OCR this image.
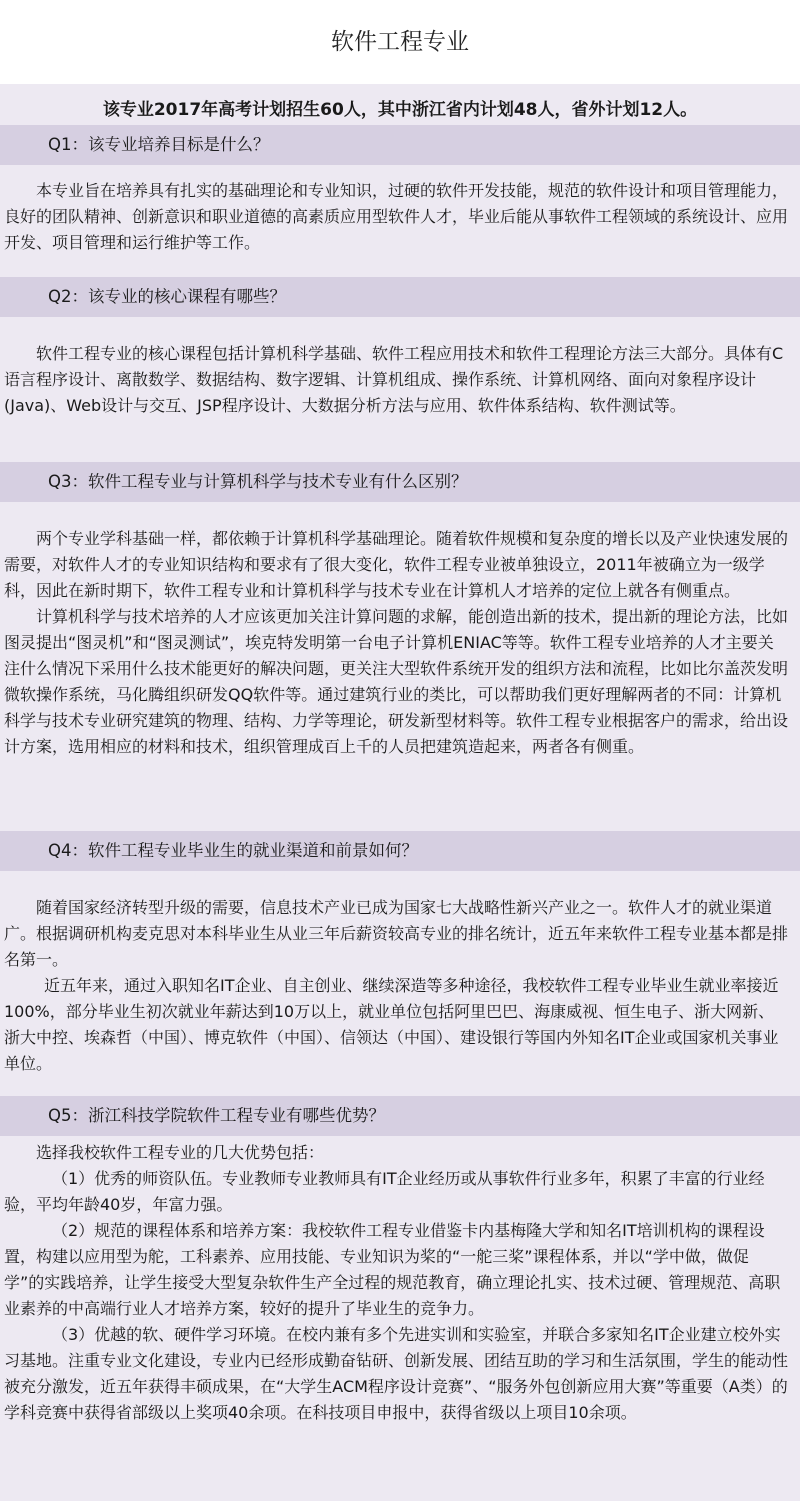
软件工程专业
该专业2017年高考计划招生60人，其中浙江省内计划48人，省外计划12人。
Q1：该专业培养目标是什么？

本专业旨在培养具有扎实的基础理论和专业知识，过硬的软件开发技能，规范的软件设计和项目管理能力，良好的团队精神、创新意识和职业道德的高素质应用型软件人才，毕业后能从事软件工程领域的系统设计、应用开发、项目管理和运行维护等工作。

Q2：该专业的核心课程有哪些？

软件工程专业的核心课程包括计算机科学基础、软件工程应用技术和软件工程理论方法三大部分。具体有C语言程序设计、离散数学、数据结构、数字逻辑、计算机组成、操作系统、计算机网络、面向对象程序设计(Java)、Web设计与交互、JSP程序设计、大数据分析方法与应用、软件体系结构、软件测试等。

Q3：软件工程专业与计算机科学与技术专业有什么区别？

两个专业学科基础一样，都依赖于计算机科学基础理论。随着软件规模和复杂度的增长以及产业快速发展的需要，对软件人才的专业知识结构和要求有了很大变化，软件工程专业被单独设立，2011年被确立为一级学科，因此在新时期下，软件工程专业和计算机科学与技术专业在计算机人才培养的定位上就各有侧重点。

计算机科学与技术培养的人才应该更加关注计算问题的求解，能创造出新的技术，提出新的理论方法，比如图灵提出“图灵机”和“图灵测试”，埃克特发明第一台电子计算机ENIAC等等。软件工程专业培养的人才主要关注什么情况下采用什么技术能更好的解决问题，更关注大型软件系统开发的组织方法和流程，比如比尔盖茨发明微软操作系统，马化腾组织研发QQ软件等。通过建筑行业的类比，可以帮助我们更好理解两者的不同：计算机科学与技术专业研究建筑的物理、结构、力学等理论，研发新型材料等。软件工程专业根据客户的需求，给出设计方案，选用相应的材料和技术，组织管理成百上千的人员把建筑造起来，两者各有侧重。

Q4：软件工程专业毕业生的就业渠道和前景如何？

随着国家经济转型升级的需要，信息技术产业已成为国家七大战略性新兴产业之一。软件人才的就业渠道广。根据调研机构麦克思对本科毕业生从业三年后薪资较高专业的排名统计，近五年来软件工程专业基本都是排名第一。

近五年来，通过入职知名IT企业、自主创业、继续深造等多种途径，我校软件工程专业毕业生就业率接近100%，部分毕业生初次就业年薪达到10万以上，就业单位包括阿里巴巴、海康威视、恒生电子、浙大网新、浙大中控、埃森哲（中国）、博克软件（中国）、信领达（中国）、建设银行等国内外知名IT企业或国家机关事业单位。

Q5：浙江科技学院软件工程专业有哪些优势？

选择我校软件工程专业的几大优势包括：

（1）优秀的师资队伍。专业教师专业教师具有IT企业经历或从事软件行业多年，积累了丰富的行业经验，平均年龄40岁，年富力强。

（2）规范的课程体系和培养方案：我校软件工程专业借鉴卡内基梅隆大学和知名IT培训机构的课程设置，构建以应用型为舵，工科素养、应用技能、专业知识为桨的“一舵三桨”课程体系，并以“学中做，做促学”的实践培养，让学生接受大型复杂软件生产全过程的规范教育，确立理论扎实、技术过硬、管理规范、高职业素养的中高端行业人才培养方案，较好的提升了毕业生的竞争力。

（3）优越的软、硬件学习环境。在校内兼有多个先进实训和实验室，并联合多家知名IT企业建立校外实习基地。注重专业文化建设，专业内已经形成勤奋钻研、创新发展、团结互助的学习和生活氛围，学生的能动性被充分激发，近五年获得丰硕成果，在“大学生ACM程序设计竞赛”、“服务外包创新应用大赛”等重要（A类）的学科竞赛中获得省部级以上奖项40余项。在科技项目申报中，获得省级以上项目10余项。
